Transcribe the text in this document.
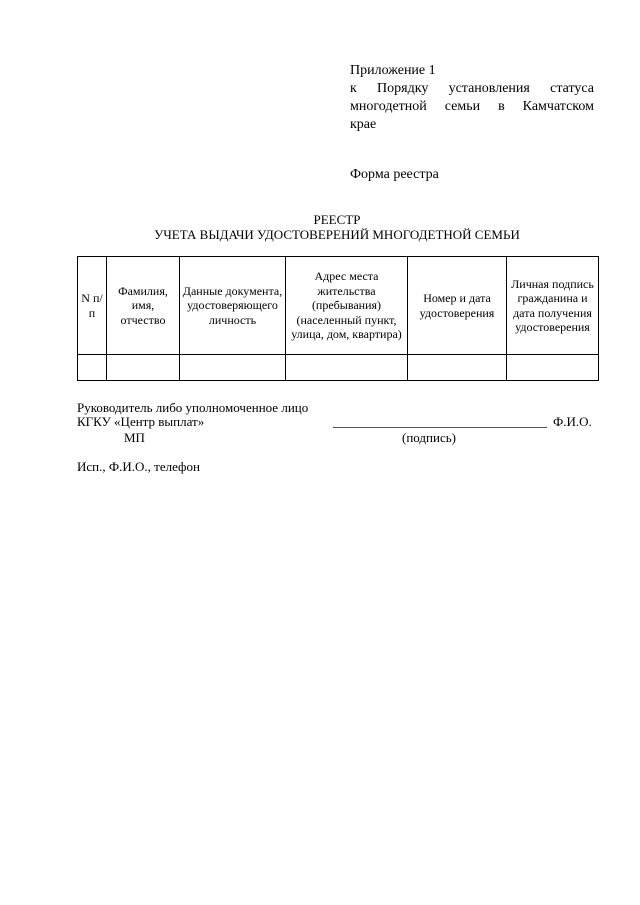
Приложение 1
к Порядку установления статуса
многодетной семьи в Камчатском
крае
Форма реестра
РЕЕСТР
УЧЕТА ВЫДАЧИ УДОСТОВЕРЕНИЙ МНОГОДЕТНОЙ СЕМЬИ
N п/п	Фамилия, имя, отчество	Данные документа, удостоверяющего личность	Адрес места жительства (пребывания) (населенный пункт, улица, дом, квартира)	Номер и дата удостоверения	Личная подпись гражданина и дата получения удостоверения

Руководитель либо уполномоченное лицо
КГКУ «Центр выплат»	Ф.И.О.
МП	(подпись)
Исп., Ф.И.О., телефон
